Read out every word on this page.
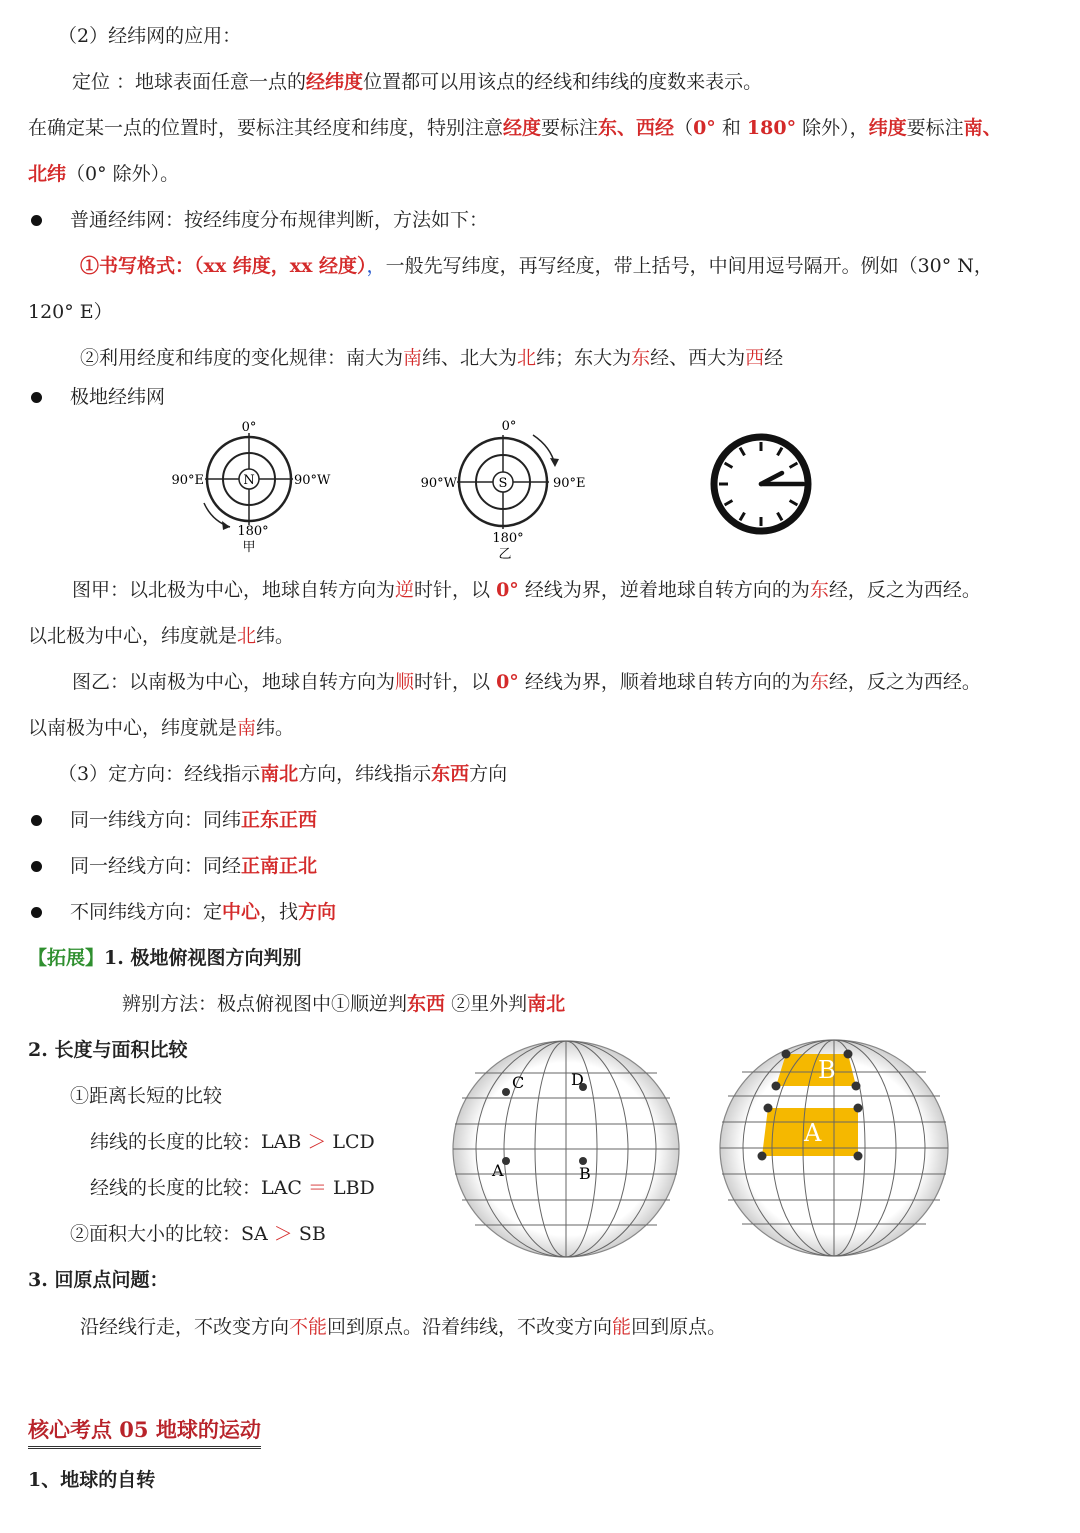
（2）经纬网的应用：
定位 ：地球表面任意一点的经纬度位置都可以用该点的经线和纬线的度数来表示。
在确定某一点的位置时，要标注其经度和纬度，特别注意经度要标注东、西经（0° 和 180° 除外），纬度要标注南、
北纬（0° 除外）。
普通经纬网：按经纬度分布规律判断，方法如下：
①书写格式：（xx 纬度，xx 经度），一般先写纬度，再写经度，带上括号，中间用逗号隔开。例如（30° N，
120° E）
②利用经度和纬度的变化规律：南大为南纬、北大为北纬；东大为东经、西大为西经
极地经纬网
N
0°
90°E	90°W
180°
甲
S
0°
90°W	90°E
180°
乙
图甲：以北极为中心，地球自转方向为逆时针，以 0° 经线为界，逆着地球自转方向的为东经，反之为西经。
以北极为中心，纬度就是北纬。
图乙：以南极为中心，地球自转方向为顺时针，以 0° 经线为界，顺着地球自转方向的为东经，反之为西经。
以南极为中心，纬度就是南纬。
（3）定方向：经线指示南北方向，纬线指示东西方向
同一纬线方向：同纬正东正西
同一经线方向：同经正南正北
不同纬线方向：定中心，找方向
【拓展】1. 极地俯视图方向判别
辨别方法：极点俯视图中①顺逆判东西 ②里外判南北
2. 长度与面积比较
①距离长短的比较
纬线的长度的比较：LAB ＞ LCD
经线的长度的比较：LAC ＝ LBD
②面积大小的比较：SA ＞ SB
A	B
C	D	B
A
3. 回原点问题：
沿经线行走，不改变方向不能回到原点。沿着纬线，不改变方向能回到原点。
核心考点 05 地球的运动
1、地球的自转
